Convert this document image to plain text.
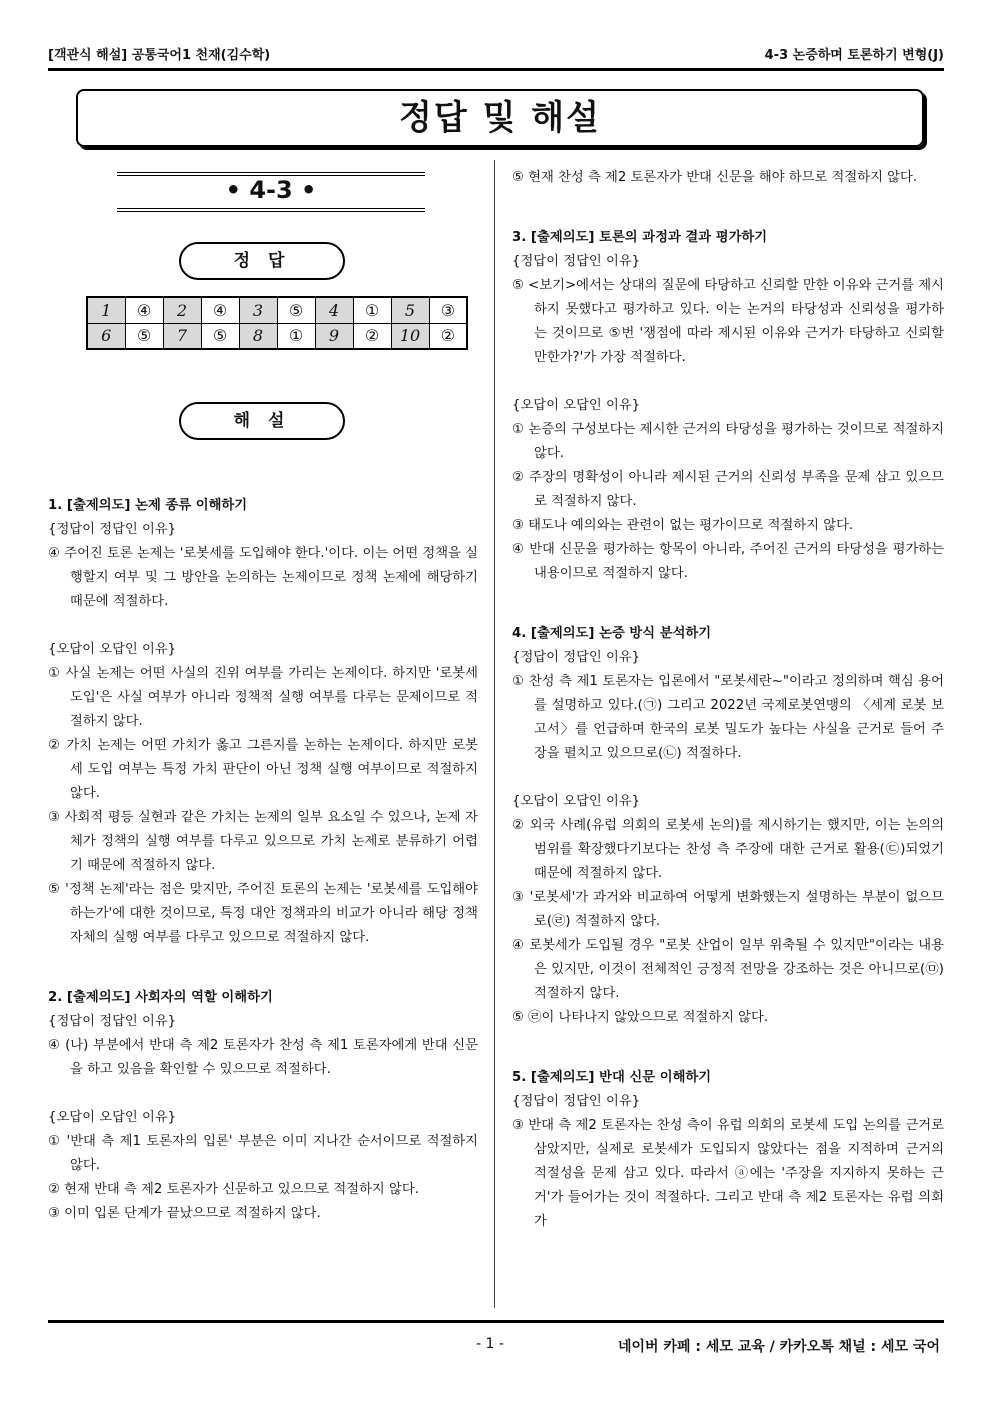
[객관식 해설] 공통국어1 천재(김수학)	4-3 논증하며 토론하기 변형(J)
정답 및 해설
• 4-3 •
정 답
1	④	2	④	3	⑤	4	①	5	③
6	⑤	7	⑤	8	①	9	②	10	②
해 설
1. [출제의도] 논제 종류 이해하기
{정답이 정답인 이유}
④ 주어진 토론 논제는 '로봇세를 도입해야 한다.'이다. 이는 어떤 정책을 실행할지 여부 및 그 방안을 논의하는 논제이므로 정책 논제에 해당하기 때문에 적절하다.
{오답이 오답인 이유}
① 사실 논제는 어떤 사실의 진위 여부를 가리는 논제이다. 하지만 '로봇세 도입'은 사실 여부가 아니라 정책적 실행 여부를 다루는 문제이므로 적절하지 않다.
② 가치 논제는 어떤 가치가 옳고 그른지를 논하는 논제이다. 하지만 로봇세 도입 여부는 특정 가치 판단이 아닌 정책 실행 여부이므로 적절하지 않다.
③ 사회적 평등 실현과 같은 가치는 논제의 일부 요소일 수 있으나, 논제 자체가 정책의 실행 여부를 다루고 있으므로 가치 논제로 분류하기 어렵기 때문에 적절하지 않다.
⑤ '정책 논제'라는 점은 맞지만, 주어진 토론의 논제는 '로봇세를 도입해야 하는가'에 대한 것이므로, 특정 대안 정책과의 비교가 아니라 해당 정책 자체의 실행 여부를 다루고 있으므로 적절하지 않다.
2. [출제의도] 사회자의 역할 이해하기
{정답이 정답인 이유}
④ (나) 부분에서 반대 측 제2 토론자가 찬성 측 제1 토론자에게 반대 신문을 하고 있음을 확인할 수 있으므로 적절하다.
{오답이 오답인 이유}
① '반대 측 제1 토론자의 입론' 부분은 이미 지나간 순서이므로 적절하지 않다.
② 현재 반대 측 제2 토론자가 신문하고 있으므로 적절하지 않다.
③ 이미 입론 단계가 끝났으므로 적절하지 않다.
⑤ 현재 찬성 측 제2 토론자가 반대 신문을 해야 하므로 적절하지 않다.
3. [출제의도] 토론의 과정과 결과 평가하기
{정답이 정답인 이유}
⑤ <보기>에서는 상대의 질문에 타당하고 신뢰할 만한 이유와 근거를 제시하지 못했다고 평가하고 있다. 이는 논거의 타당성과 신뢰성을 평가하는 것이므로 ⑤번 '쟁점에 따라 제시된 이유와 근거가 타당하고 신뢰할 만한가?'가 가장 적절하다.
{오답이 오답인 이유}
① 논증의 구성보다는 제시한 근거의 타당성을 평가하는 것이므로 적절하지 않다.
② 주장의 명확성이 아니라 제시된 근거의 신뢰성 부족을 문제 삼고 있으므로 적절하지 않다.
③ 태도나 예의와는 관련이 없는 평가이므로 적절하지 않다.
④ 반대 신문을 평가하는 항목이 아니라, 주어진 근거의 타당성을 평가하는 내용이므로 적절하지 않다.
4. [출제의도] 논증 방식 분석하기
{정답이 정답인 이유}
① 찬성 측 제1 토론자는 입론에서 "로봇세란~"이라고 정의하며 핵심 용어를 설명하고 있다.(㉠) 그리고 2022년 국제로봇연맹의 〈세계 로봇 보고서〉를 언급하며 한국의 로봇 밀도가 높다는 사실을 근거로 들어 주장을 펼치고 있으므로(㉡) 적절하다.
{오답이 오답인 이유}
② 외국 사례(유럽 의회의 로봇세 논의)를 제시하기는 했지만, 이는 논의의 범위를 확장했다기보다는 찬성 측 주장에 대한 근거로 활용(㉢)되었기 때문에 적절하지 않다.
③ '로봇세'가 과거와 비교하여 어떻게 변화했는지 설명하는 부분이 없으므로(㉣) 적절하지 않다.
④ 로봇세가 도입될 경우 "로봇 산업이 일부 위축될 수 있지만"이라는 내용은 있지만, 이것이 전체적인 긍정적 전망을 강조하는 것은 아니므로(㉤) 적절하지 않다.
⑤ ㉣이 나타나지 않았으므로 적절하지 않다.
5. [출제의도] 반대 신문 이해하기
{정답이 정답인 이유}
③ 반대 측 제2 토론자는 찬성 측이 유럽 의회의 로봇세 도입 논의를 근거로 삼았지만, 실제로 로봇세가 도입되지 않았다는 점을 지적하며 근거의 적절성을 문제 삼고 있다. 따라서 ⓐ에는 '주장을 지지하지 못하는 근거'가 들어가는 것이 적절하다. 그리고 반대 측 제2 토론자는 유럽 의회가
- 1 -	네이버 카페 : 세모 교육 / 카카오톡 채널 : 세모 국어
